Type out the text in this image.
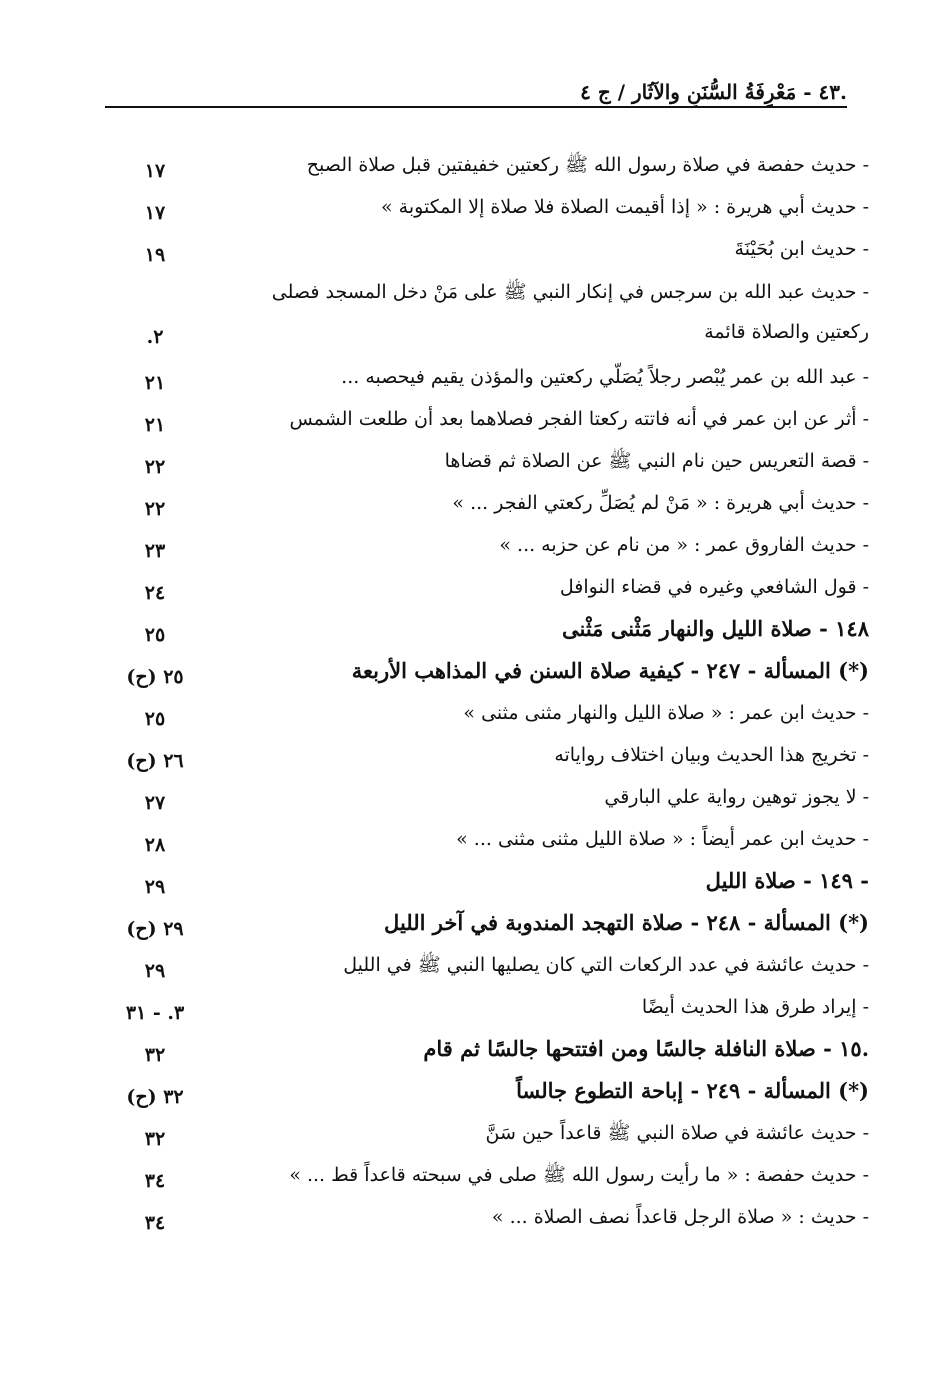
.٤٣ - مَعْرِفَةُ السُّنَنِ والآثَار / ج ٤
- حديث حفصة في صلاة رسول الله ﷺ ركعتين خفيفتين قبل صلاة الصبح
١٧
- حديث أبي هريرة : « إذا أقيمت الصلاة فلا صلاة إلا المكتوبة »
١٧
- حديث ابن بُحَيْنَةَ
١٩
- حديث عبد الله بن سرجس في إنكار النبي ﷺ على مَنْ دخل المسجد فصلى ركعتين والصلاة قائمة
٢.
- عبد الله بن عمر يُبْصر رجلاً يُصَلّي ركعتين والمؤذن يقيم فيحصبه ...
٢١
- أثر عن ابن عمر في أنه فاتته ركعتا الفجر فصلاهما بعد أن طلعت الشمس
٢١
- قصة التعريس حين نام النبي ﷺ عن الصلاة ثم قضاها
٢٢
- حديث أبي هريرة : « مَنْ لم يُصَلِّ ركعتي الفجر ... »
٢٢
- حديث الفاروق عمر : « من نام عن حزبه ... »
٢٣
- قول الشافعي وغيره في قضاء النوافل
٢٤
١٤٨ - صلاة الليل والنهار مَثْنى مَثْنى
٢٥
(*) المسألة - ٢٤٧ - كيفية صلاة السنن في المذاهب الأربعة
٢٥ (ح)
- حديث ابن عمر : « صلاة الليل والنهار مثنى مثنى »
٢٥
- تخريج هذا الحديث وبيان اختلاف رواياته
٢٦ (ح)
- لا يجوز توهين رواية علي البارقي
٢٧
- حديث ابن عمر أيضاً : « صلاة الليل مثنى مثنى ... »
٢٨
- ١٤٩ - صلاة الليل
٢٩
(*) المسألة - ٢٤٨ - صلاة التهجد المندوبة في آخر الليل
٢٩ (ح)
- حديث عائشة في عدد الركعات التي كان يصليها النبي ﷺ في الليل
٢٩
- إيراد طرق هذا الحديث أيضًا
٣. - ٣١
.١٥ - صلاة النافلة جالسًا ومن افتتحها جالسًا ثم قام
٣٢
(*) المسألة - ٢٤٩ - إباحة التطوع جالساً
٣٢ (ح)
- حديث عائشة في صلاة النبي ﷺ قاعداً حين سَنَّ
٣٢
- حديث حفصة : « ما رأيت رسول الله ﷺ صلى في سبحته قاعداً قط ... »
٣٤
- حديث : « صلاة الرجل قاعداً نصف الصلاة ... »
٣٤
